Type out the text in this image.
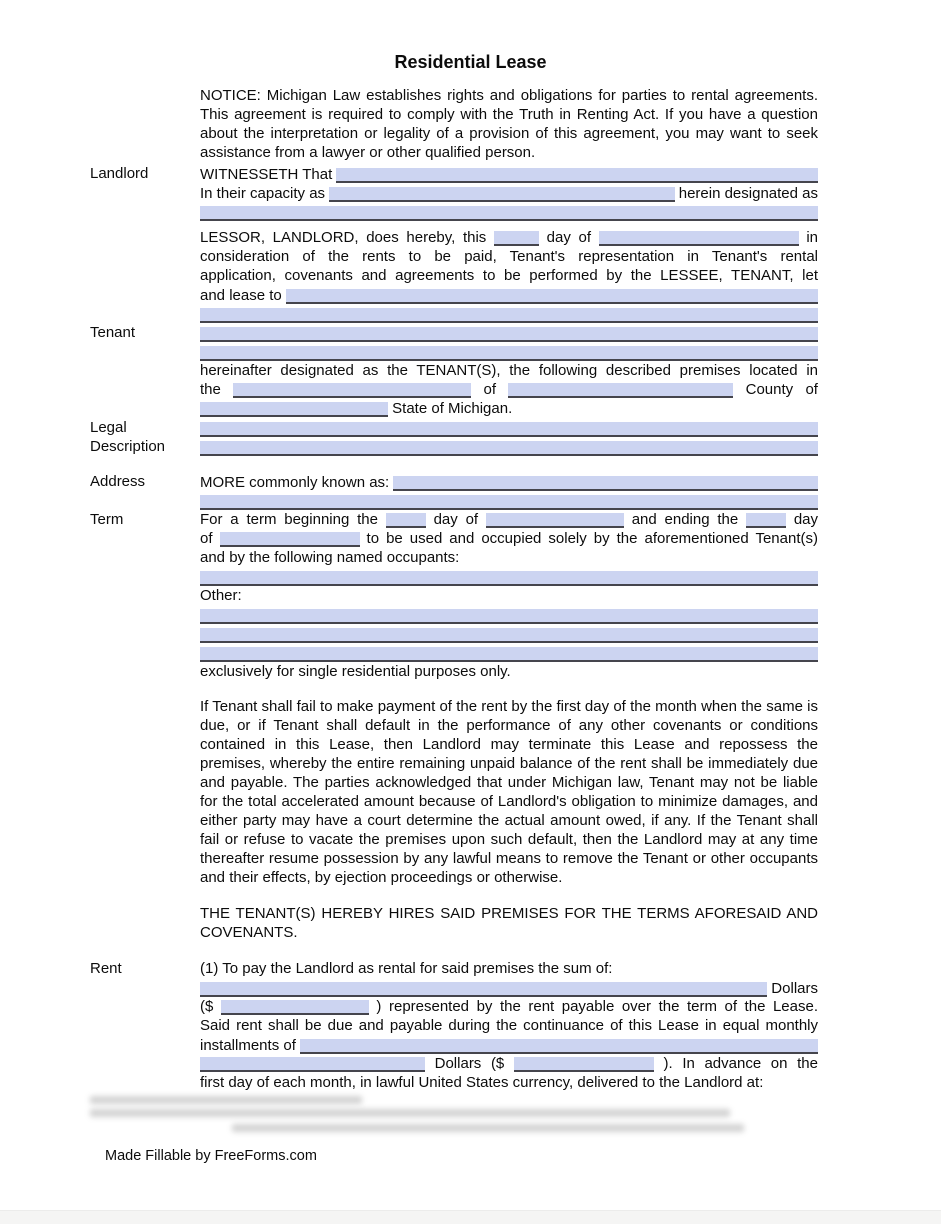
Residential Lease
NOTICE: Michigan Law establishes rights and obligations for parties to rental agreements. This agreement is required to comply with the Truth in Renting Act. If you have a question about the interpretation or legality of a provision of this agreement, you may want to seek assistance from a lawyer or other qualified person.
Landlord	WITNESSETH That
In their capacity as	herein designated as
LESSOR, LANDLORD, does hereby, this	day of	in
consideration of the rents to be paid, Tenant's representation in Tenant's rental
application, covenants and agreements to be performed by the LESSEE, TENANT, let
and lease to
Tenant
hereinafter designated as the TENANT(S), the following described premises located in
the	of	County of
State of Michigan.
Legal Description
Address	MORE commonly known as:
Term	For a term beginning the	day of	and ending the	day
of	to be used and occupied solely by the aforementioned Tenant(s)
and by the following named occupants:
Other:
exclusively for single residential purposes only.
If Tenant shall fail to make payment of the rent by the first day of the month when the same is due, or if Tenant shall default in the performance of any other covenants or conditions contained in this Lease, then Landlord may terminate this Lease and repossess the premises, whereby the entire remaining unpaid balance of the rent shall be immediately due and payable. The parties acknowledged that under Michigan law, Tenant may not be liable for the total accelerated amount because of Landlord's obligation to minimize damages, and either party may have a court determine the actual amount owed, if any. If the Tenant shall fail or refuse to vacate the premises upon such default, then the Landlord may at any time thereafter resume possession by any lawful means to remove the Tenant or other occupants and their effects, by ejection proceedings or otherwise.
THE TENANT(S) HEREBY HIRES SAID PREMISES FOR THE TERMS AFORESAID AND COVENANTS.
Rent	(1) To pay the Landlord as rental for said premises the sum of:
Dollars
($	) represented by the rent payable over the term of the Lease.
Said rent shall be due and payable during the continuance of this Lease in equal monthly
installments of
Dollars ($	). In advance on the
first day of each month, in lawful United States currency, delivered to the Landlord at:
Made Fillable by FreeForms.com
